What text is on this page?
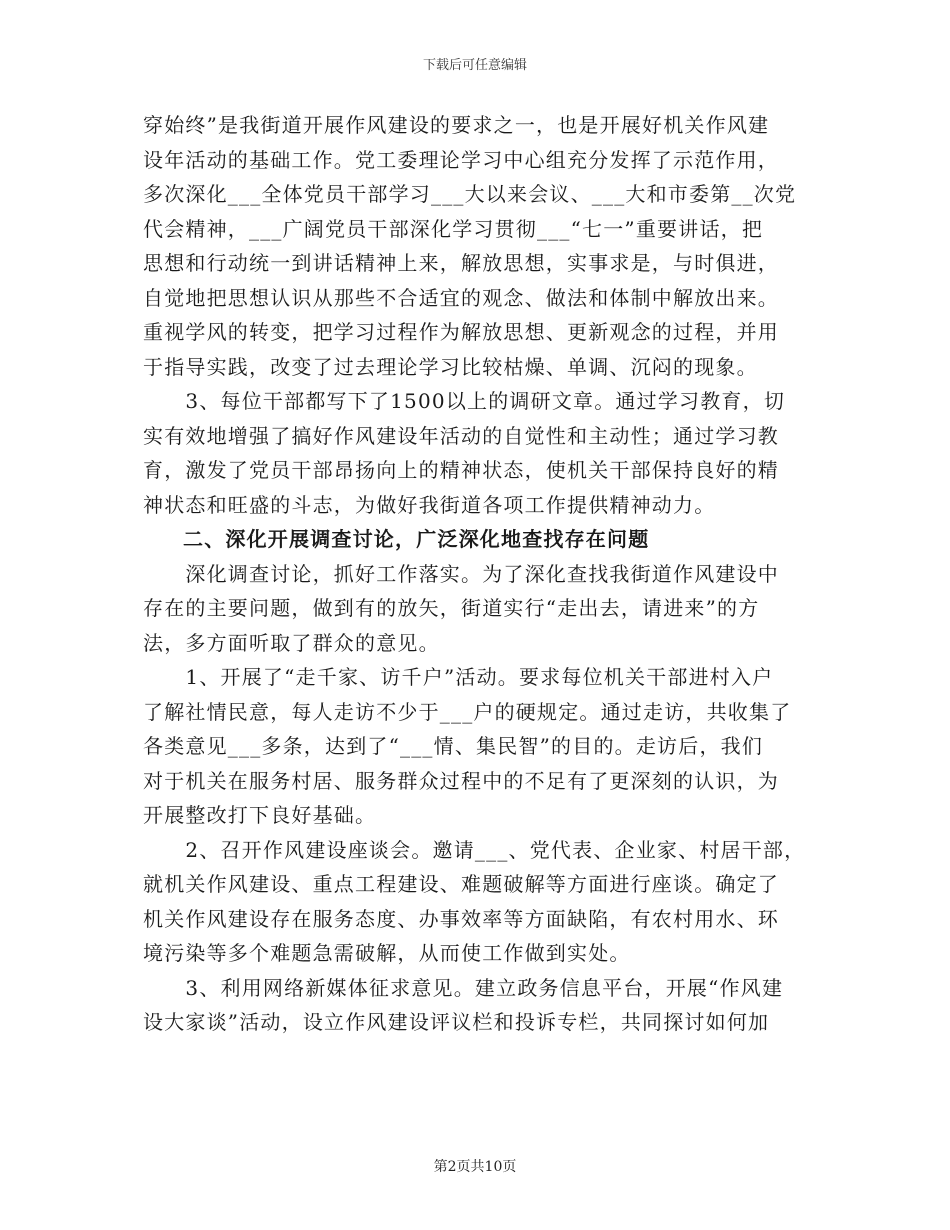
下载后可任意编辑

穿始终”是我街道开展作风建设的要求之一，也是开展好机关作风建
设年活动的基础工作。党工委理论学习中心组充分发挥了示范作用，
多次深化___全体党员干部学习___大以来会议、___大和市委第__次党
代会精神，___广阔党员干部深化学习贯彻___“七一”重要讲话，把
思想和行动统一到讲话精神上来，解放思想，实事求是，与时俱进，
自觉地把思想认识从那些不合适宜的观念、做法和体制中解放出来。
重视学风的转变，把学习过程作为解放思想、更新观念的过程，并用
于指导实践，改变了过去理论学习比较枯燥、单调、沉闷的现象。
　　3、每位干部都写下了1500以上的调研文章。通过学习教育，切
实有效地增强了搞好作风建设年活动的自觉性和主动性；通过学习教
育，激发了党员干部昂扬向上的精神状态，使机关干部保持良好的精
神状态和旺盛的斗志，为做好我街道各项工作提供精神动力。
二、深化开展调查讨论，广泛深化地查找存在问题
　　深化调查讨论，抓好工作落实。为了深化查找我街道作风建设中
存在的主要问题，做到有的放矢，街道实行“走出去，请进来”的方
法，多方面听取了群众的意见。
　　1、开展了“走千家、访千户”活动。要求每位机关干部进村入户
了解社情民意，每人走访不少于___户的硬规定。通过走访，共收集了
各类意见___多条，达到了“___情、集民智”的目的。走访后，我们
对于机关在服务村居、服务群众过程中的不足有了更深刻的认识，为
开展整改打下良好基础。
　　2、召开作风建设座谈会。邀请___、党代表、企业家、村居干部，
就机关作风建设、重点工程建设、难题破解等方面进行座谈。确定了
机关作风建设存在服务态度、办事效率等方面缺陷，有农村用水、环
境污染等多个难题急需破解，从而使工作做到实处。
　　3、利用网络新媒体征求意见。建立政务信息平台，开展“作风建
设大家谈”活动，设立作风建设评议栏和投诉专栏，共同探讨如何加

第2页共10页
